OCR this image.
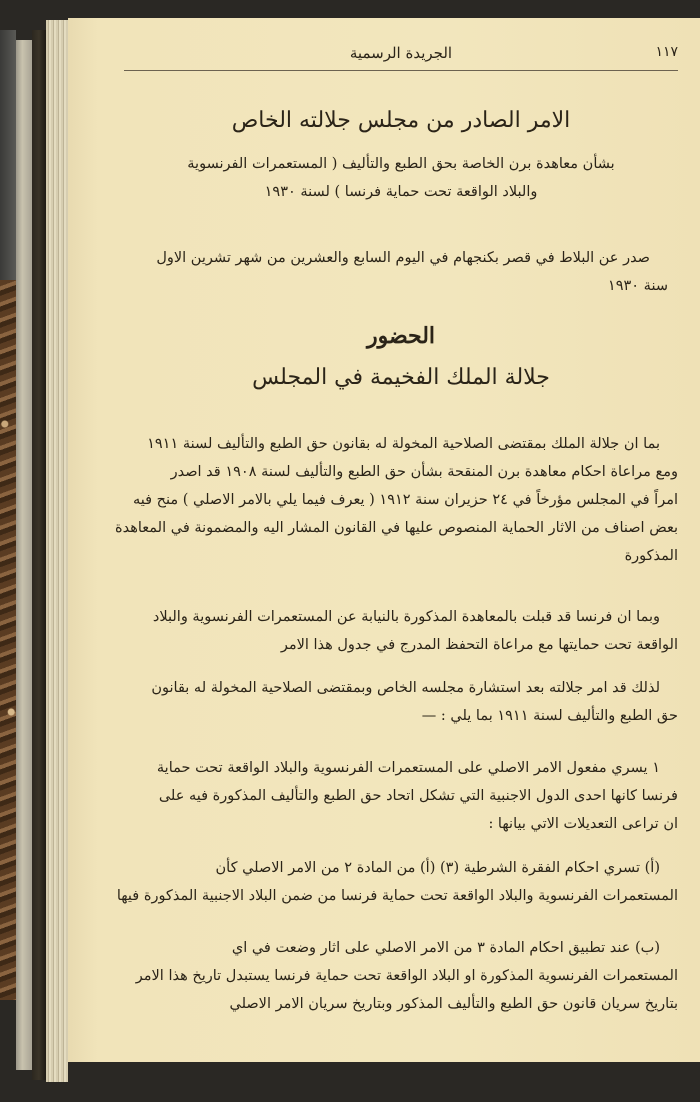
الجريدة الرسمية	١١٧
الامر الصادر من مجلس جلالته الخاص
بشأن معاهدة برن الخاصة بحق الطبع والتأليف ( المستعمرات الفرنسوية
والبلاد الواقعة تحت حماية فرنسا ) لسنة ١٩٣٠
صدر عن البلاط في قصر بكنجهام في اليوم السابع والعشرين من شهر تشرين الاول
سنة ١٩٣٠
الحضور
جلالة الملك الفخيمة في المجلس
بما ان جلالة الملك بمقتضى الصلاحية المخولة له بقانون حق الطبع والتأليف لسنة ١٩١١
ومع مراعاة احكام معاهدة برن المنقحة بشأن حق الطبع والتأليف لسنة ١٩٠٨ قد اصدر
امراً في المجلس مؤرخاً في ٢٤ حزيران سنة ١٩١٢ ( يعرف فيما يلي بالامر الاصلي ) منح فيه
بعض اصناف من الاثار الحماية المنصوص عليها في القانون المشار اليه والمضمونة في المعاهدة
المذكورة
وبما ان فرنسا قد قبلت بالمعاهدة المذكورة بالنيابة عن المستعمرات الفرنسوية والبلاد
الواقعة تحت حمايتها مع مراعاة التحفظ المدرج في جدول هذا الامر
لذلك قد امر جلالته بعد استشارة مجلسه الخاص وبمقتضى الصلاحية المخولة له بقانون
حق الطبع والتأليف لسنة ١٩١١ بما يلي : —
١ يسري مفعول الامر الاصلي على المستعمرات الفرنسوية والبلاد الواقعة تحت حماية
فرنسا كانها احدى الدول الاجنبية التي تشكل اتحاد حق الطبع والتأليف المذكورة فيه على
ان تراعى التعديلات الاتي بيانها :
(أ) تسري احكام الفقرة الشرطية (٣) (أ) من المادة ٢ من الامر الاصلي كأن
المستعمرات الفرنسوية والبلاد الواقعة تحت حماية فرنسا من ضمن البلاد الاجنبية المذكورة فيها
(ب) عند تطبيق احكام المادة ٣ من الامر الاصلي على اثار وضعت في اي
المستعمرات الفرنسوية المذكورة او البلاد الواقعة تحت حماية فرنسا يستبدل تاريخ هذا الامر
بتاريخ سريان قانون حق الطبع والتأليف المذكور وبتاريخ سريان الامر الاصلي
